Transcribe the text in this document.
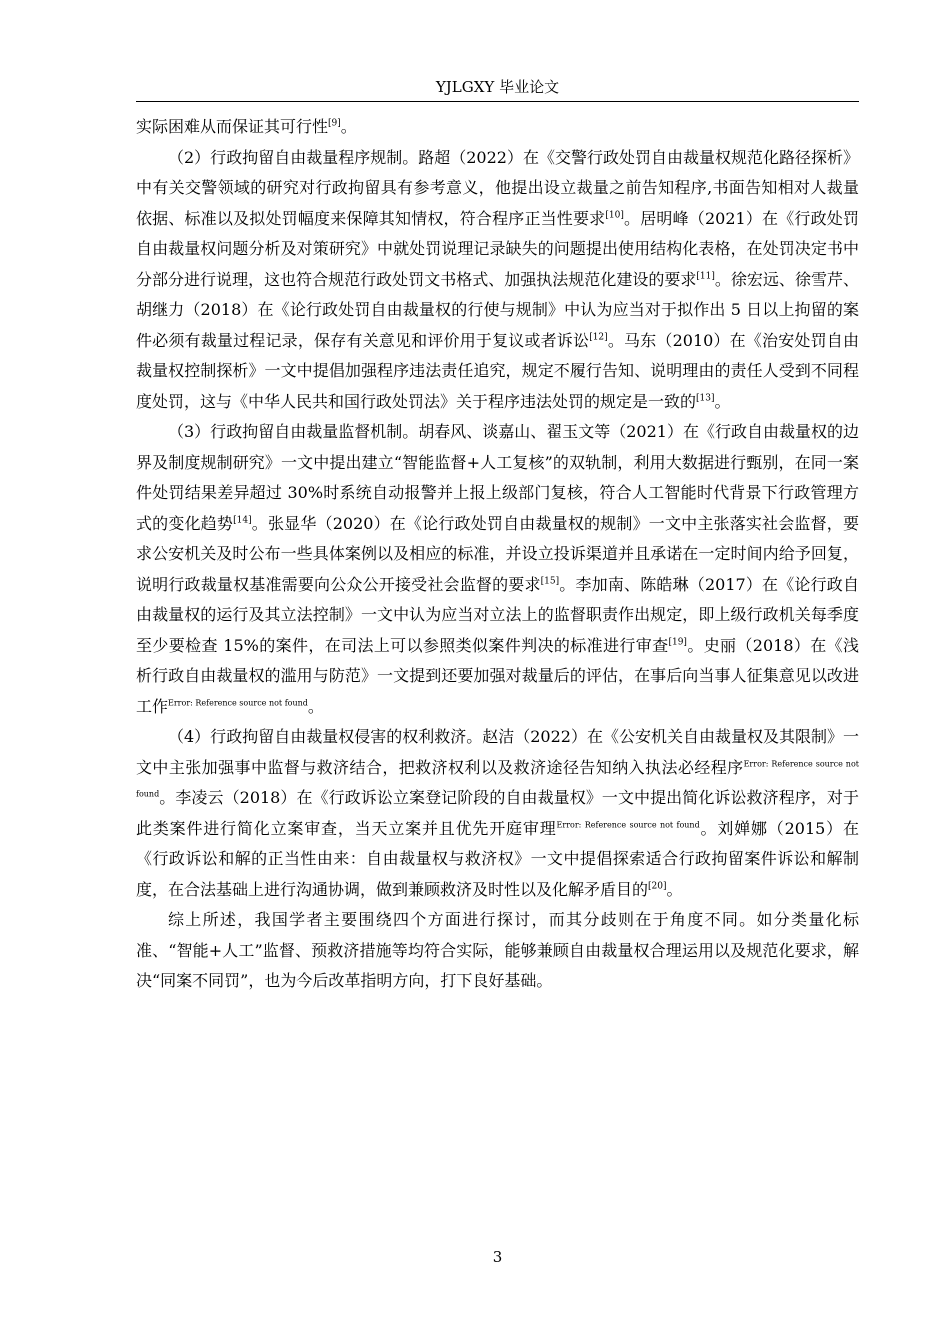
YJLGXY 毕业论文

实际困难从而保证其可行性[9]。

（2）行政拘留自由裁量程序规制。路超（2022）在《交警行政处罚自由裁量权规范化路径探析》中有关交警领域的研究对行政拘留具有参考意义，他提出设立裁量之前告知程序,书面告知相对人裁量依据、标准以及拟处罚幅度来保障其知情权，符合程序正当性要求[10]。居明峰（2021）在《行政处罚自由裁量权问题分析及对策研究》中就处罚说理记录缺失的问题提出使用结构化表格，在处罚决定书中分部分进行说理，这也符合规范行政处罚文书格式、加强执法规范化建设的要求[11]。徐宏远、徐雪芹、胡继力（2018）在《论行政处罚自由裁量权的行使与规制》中认为应当对于拟作出 5 日以上拘留的案件必须有裁量过程记录，保存有关意见和评价用于复议或者诉讼[12]。马东（2010）在《治安处罚自由裁量权控制探析》一文中提倡加强程序违法责任追究，规定不履行告知、说明理由的责任人受到不同程度处罚，这与《中华人民共和国行政处罚法》关于程序违法处罚的规定是一致的[13]。

（3）行政拘留自由裁量监督机制。胡春风、谈嘉山、翟玉文等（2021）在《行政自由裁量权的边界及制度规制研究》一文中提出建立“智能监督+人工复核”的双轨制，利用大数据进行甄别，在同一案件处罚结果差异超过 30%时系统自动报警并上报上级部门复核，符合人工智能时代背景下行政管理方式的变化趋势[14]。张显华（2020）在《论行政处罚自由裁量权的规制》一文中主张落实社会监督，要求公安机关及时公布一些具体案例以及相应的标准，并设立投诉渠道并且承诺在一定时间内给予回复，说明行政裁量权基准需要向公众公开接受社会监督的要求[15]。李加南、陈皓琳（2017）在《论行政自由裁量权的运行及其立法控制》一文中认为应当对立法上的监督职责作出规定，即上级行政机关每季度至少要检查 15%的案件，在司法上可以参照类似案件判决的标准进行审查[19]。史丽（2018）在《浅析行政自由裁量权的滥用与防范》一文提到还要加强对裁量后的评估，在事后向当事人征集意见以改进工作$^{Error: Reference source not found}$。

（4）行政拘留自由裁量权侵害的权利救济。赵洁（2022）在《公安机关自由裁量权及其限制》一文中主张加强事中监督与救济结合，把救济权利以及救济途径告知纳入执法必经程序$^{Error: Reference source not found}$。李凌云（2018）在《行政诉讼立案登记阶段的自由裁量权》一文中提出简化诉讼救济程序，对于此类案件进行简化立案审查，当天立案并且优先开庭审理$^{Error: Reference source not found}$。刘婵娜（2015）在《行政诉讼和解的正当性由来：自由裁量权与救济权》一文中提倡探索适合行政拘留案件诉讼和解制度，在合法基础上进行沟通协调，做到兼顾救济及时性以及化解矛盾目的[20]。

综上所述，我国学者主要围绕四个方面进行探讨，而其分歧则在于角度不同。如分类量化标准、“智能+人工”监督、预救济措施等均符合实际，能够兼顾自由裁量权合理运用以及规范化要求，解决“同案不同罚”，也为今后改革指明方向，打下良好基础。

3
